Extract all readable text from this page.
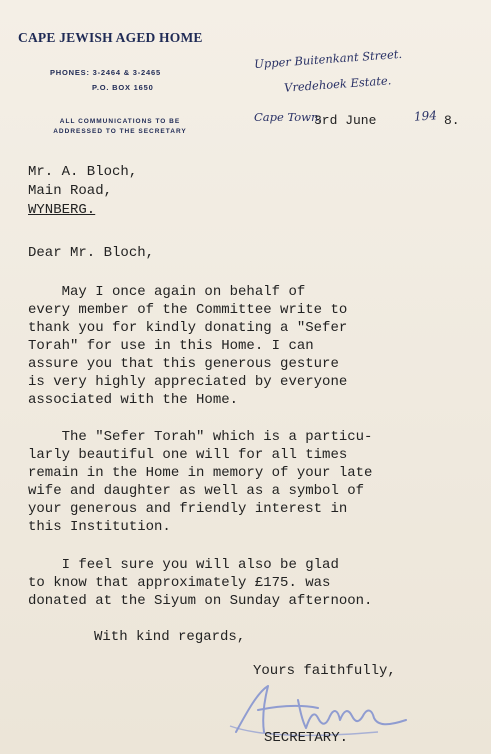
CAPE JEWISH AGED HOME
PHONES: 3-2464 & 3-2465
P.O. BOX 1650
ALL COMMUNICATIONS TO BE
ADDRESSED TO THE SECRETARY
Upper Buitenkant Street.
Vredehoek Estate.
Cape Town,
3rd June	194 8.
Mr. A. Bloch,
Main Road,
WYNBERG.
Dear Mr. Bloch,
May I once again on behalf of
every member of the Committee write to
thank you for kindly donating a "Sefer
Torah" for use in this Home. I can
assure you that this generous gesture
is very highly appreciated by everyone
associated with the Home.
The "Sefer Torah" which is a particu-
larly beautiful one will for all times
remain in the Home in memory of your late
wife and daughter as well as a symbol of
your generous and friendly interest in
this Institution.
I feel sure you will also be glad
to know that approximately £175. was
donated at the Siyum on Sunday afternoon.
With kind regards,
Yours faithfully,
SECRETARY.
